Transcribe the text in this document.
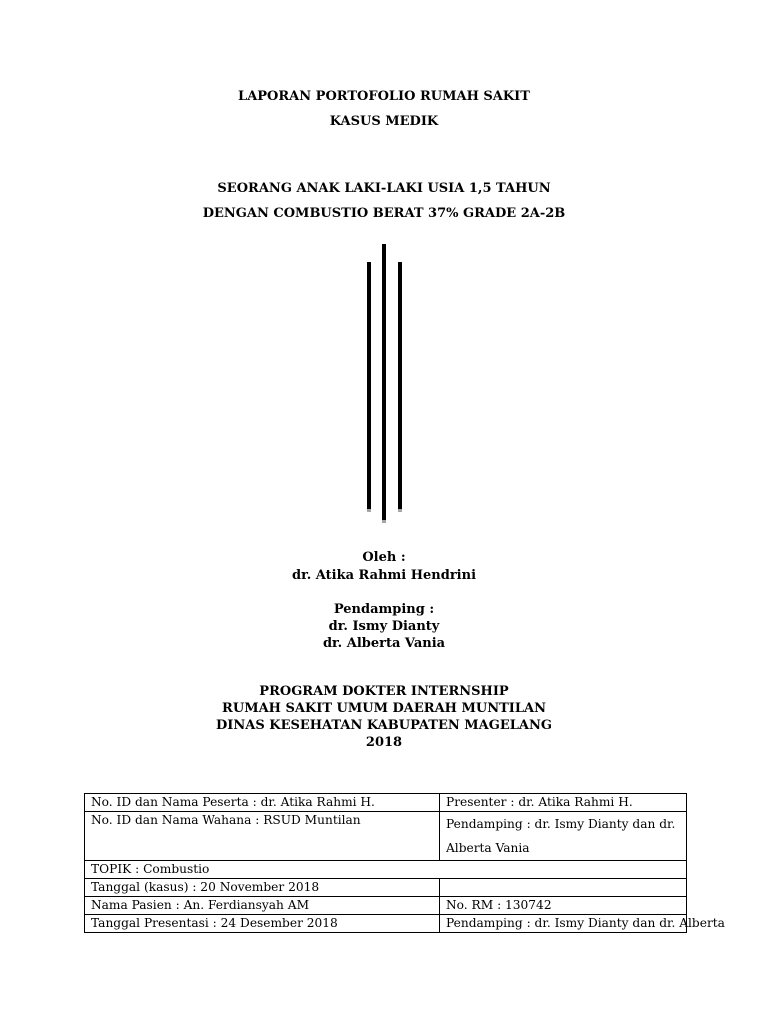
LAPORAN PORTOFOLIO RUMAH SAKIT
KASUS MEDIK
SEORANG ANAK LAKI-LAKI USIA 1,5 TAHUN
DENGAN COMBUSTIO BERAT 37% GRADE 2A-2B
Oleh :
dr. Atika Rahmi Hendrini
Pendamping :
dr. Ismy Dianty
dr. Alberta Vania
PROGRAM DOKTER INTERNSHIP
RUMAH SAKIT UMUM DAERAH MUNTILAN
DINAS KESEHATAN KABUPATEN MAGELANG
2018
No. ID dan Nama Peserta : dr. Atika Rahmi H.	Presenter : dr. Atika Rahmi H.
No. ID dan Nama Wahana : RSUD Muntilan	Pendamping : dr. Ismy Dianty dan dr. Alberta Vania
TOPIK : Combustio	
Tanggal (kasus) : 20 November 2018	
Nama Pasien : An. Ferdiansyah AM	No. RM : 130742
Tanggal Presentasi : 24 Desember 2018	Pendamping : dr. Ismy Dianty dan dr. Alberta
